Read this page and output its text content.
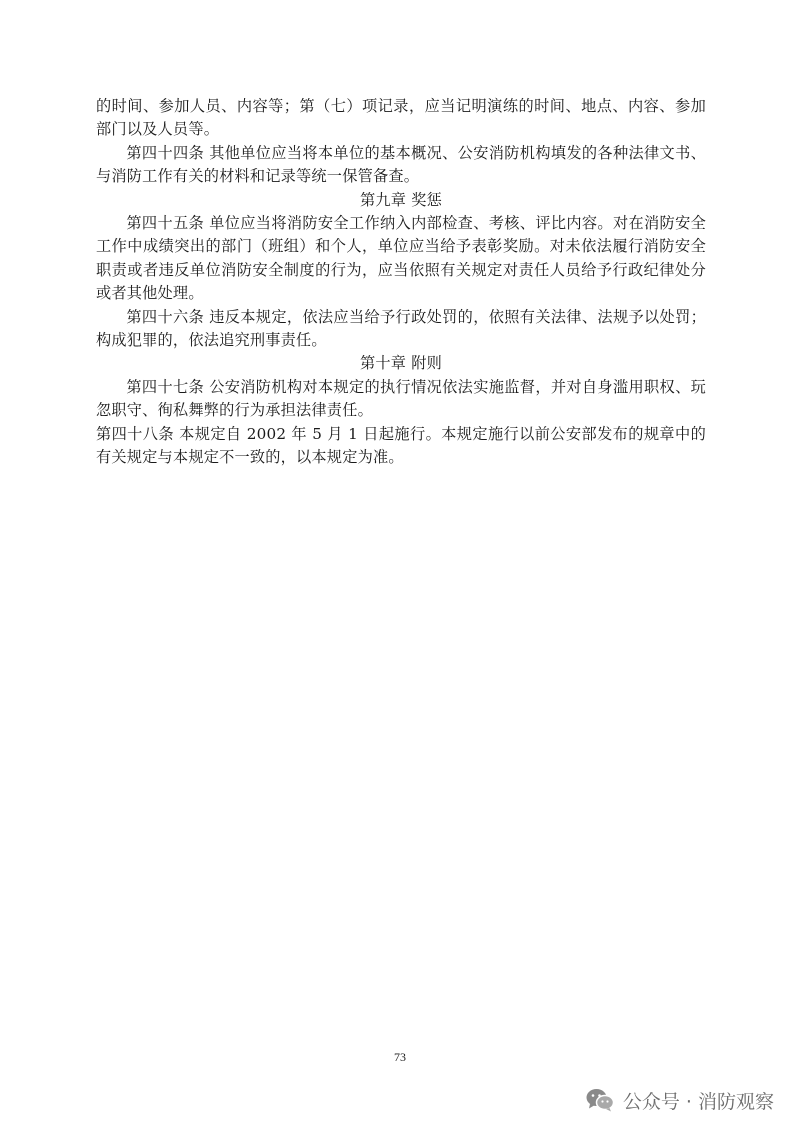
的时间、参加人员、内容等；第（七）项记录，应当记明演练的时间、地点、内容、参加部门以及人员等。

第四十四条 其他单位应当将本单位的基本概况、公安消防机构填发的各种法律文书、与消防工作有关的材料和记录等统一保管备查。

第九章 奖惩

第四十五条 单位应当将消防安全工作纳入内部检查、考核、评比内容。对在消防安全工作中成绩突出的部门（班组）和个人，单位应当给予表彰奖励。对未依法履行消防安全职责或者违反单位消防安全制度的行为，应当依照有关规定对责任人员给予行政纪律处分或者其他处理。

第四十六条 违反本规定，依法应当给予行政处罚的，依照有关法律、法规予以处罚；构成犯罪的，依法追究刑事责任。

第十章 附则

第四十七条 公安消防机构对本规定的执行情况依法实施监督，并对自身滥用职权、玩忽职守、徇私舞弊的行为承担法律责任。

第四十八条 本规定自 2002 年 5 月 1 日起施行。本规定施行以前公安部发布的规章中的有关规定与本规定不一致的，以本规定为准。

73
公众号 · 消防观察
